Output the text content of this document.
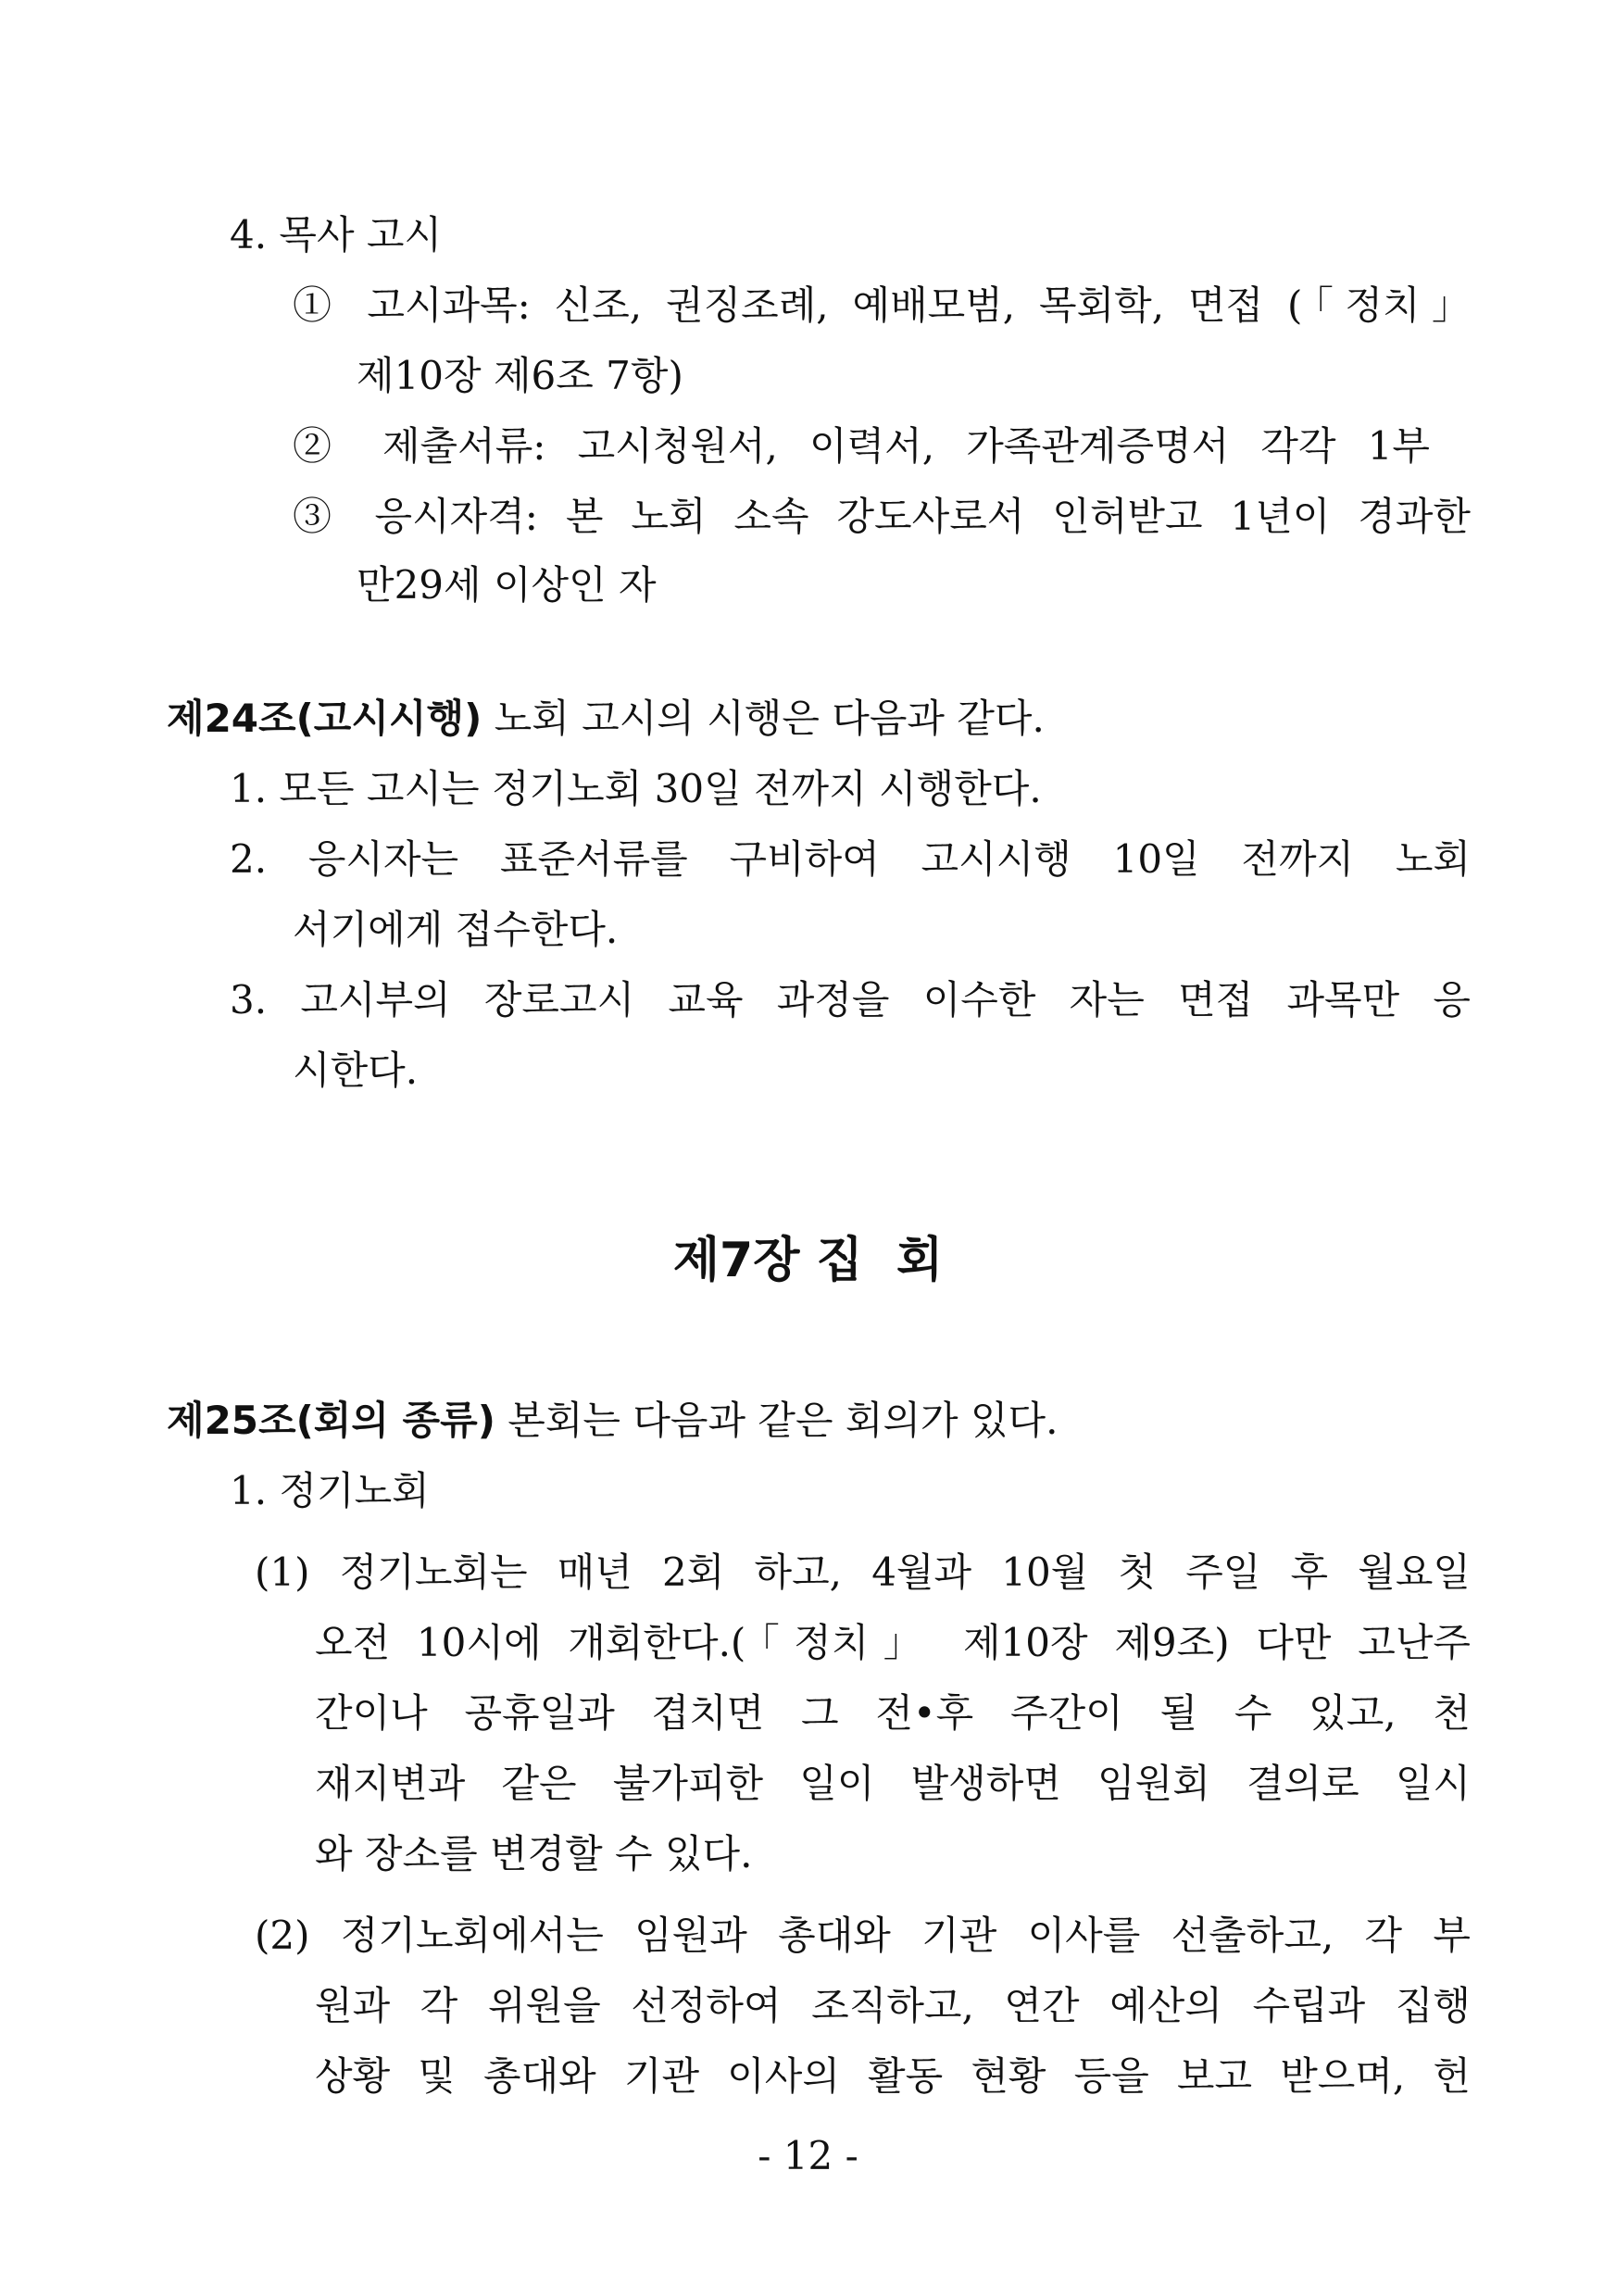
4. 목사 고시
① 고시과목: 신조, 권징조례, 예배모범, 목회학, 면접 (「정치」
제10장 제6조 7항)
② 제출서류: 고시청원서, 이력서, 가족관계증명서 각각 1부
③ 응시자격: 본 노회 소속 강도사로서 인허받고 1년이 경과한
만29세 이상인 자
제24조(고시시행) 노회 고시의 시행은 다음과 같다.
1. 모든 고시는 정기노회 30일 전까지 시행한다.
2. 응시자는 표준서류를 구비하여 고시시행 10일 전까지 노회
서기에게 접수한다.
3. 고시부의 장로고시 교육 과정을 이수한 자는 면접 과목만 응
시한다.
제7장 집  회
제25조(회의 종류) 본회는 다음과 같은 회의가 있다.
1. 정기노회
(1) 정기노회는 매년 2회 하고, 4월과 10월 첫 주일 후 월요일
오전 10시에 개회한다.(「정치」 제10장 제9조) 다만 고난주
간이나 공휴일과 겹치면 그 전•후 주간이 될 수 있고, 천
재지변과 같은 불가피한 일이 발생하면 임원회 결의로 일시
와 장소를 변경할 수 있다.
(2) 정기노회에서는 임원과 총대와 기관 이사를 선출하고, 각 부
원과 각 위원을 선정하여 조직하고, 연간 예산의 수립과 집행
상황 및 총대와 기관 이사의 활동 현황 등을 보고 받으며, 헌
- 12 -
